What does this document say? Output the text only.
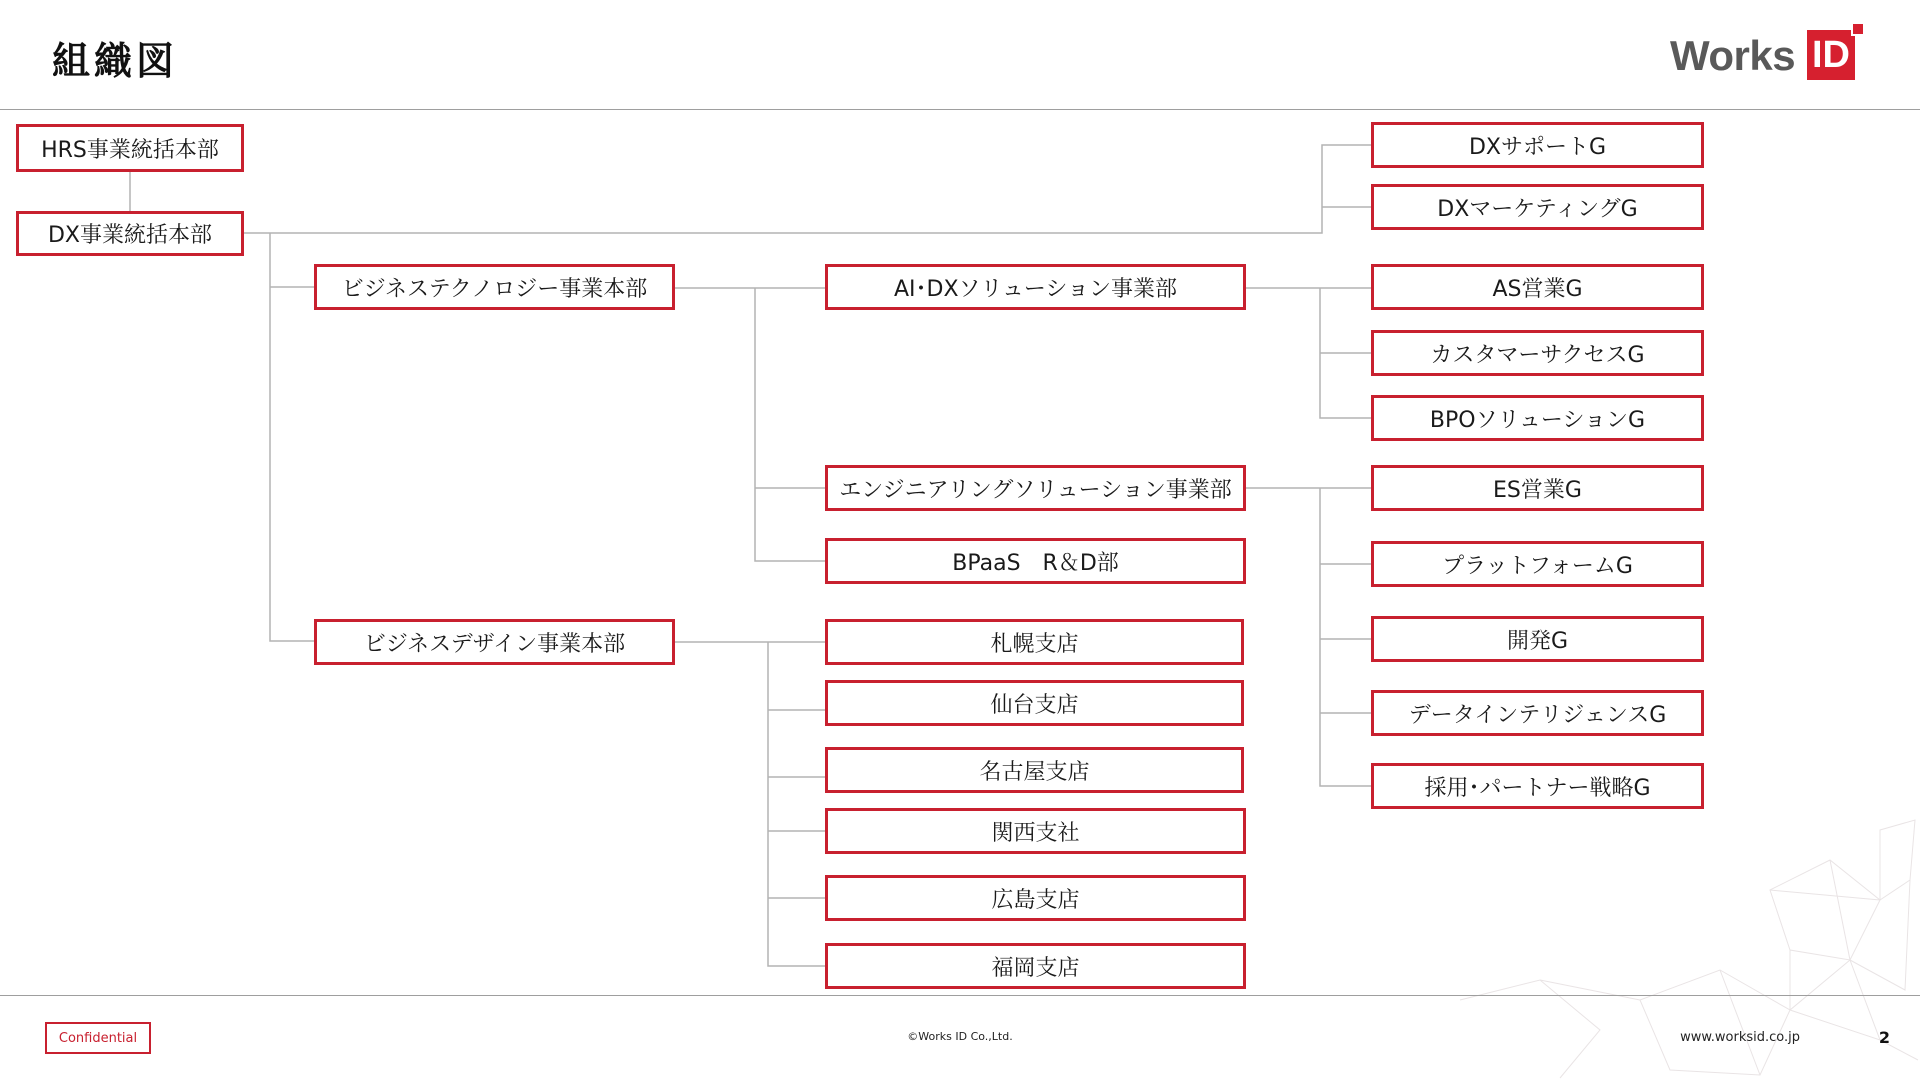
組織図	Works ID
HRS事業統括本部
DX事業統括本部
DXサポートG
DXマーケティングG
ビジネステクノロジー事業本部
ビジネスデザイン事業本部
AI･DXソリューション事業部
エンジニアリングソリューション事業部
BPaaS　R＆D部
AS営業G
カスタマーサクセスG
BPOソリューションG
ES営業G
プラットフォームG
開発G
データインテリジェンスG
採用･パートナー戦略G
札幌支店
仙台支店
名古屋支店
関西支社
広島支店
福岡支店
Confidential	©Works ID Co.,Ltd.	www.worksid.co.jp	2
